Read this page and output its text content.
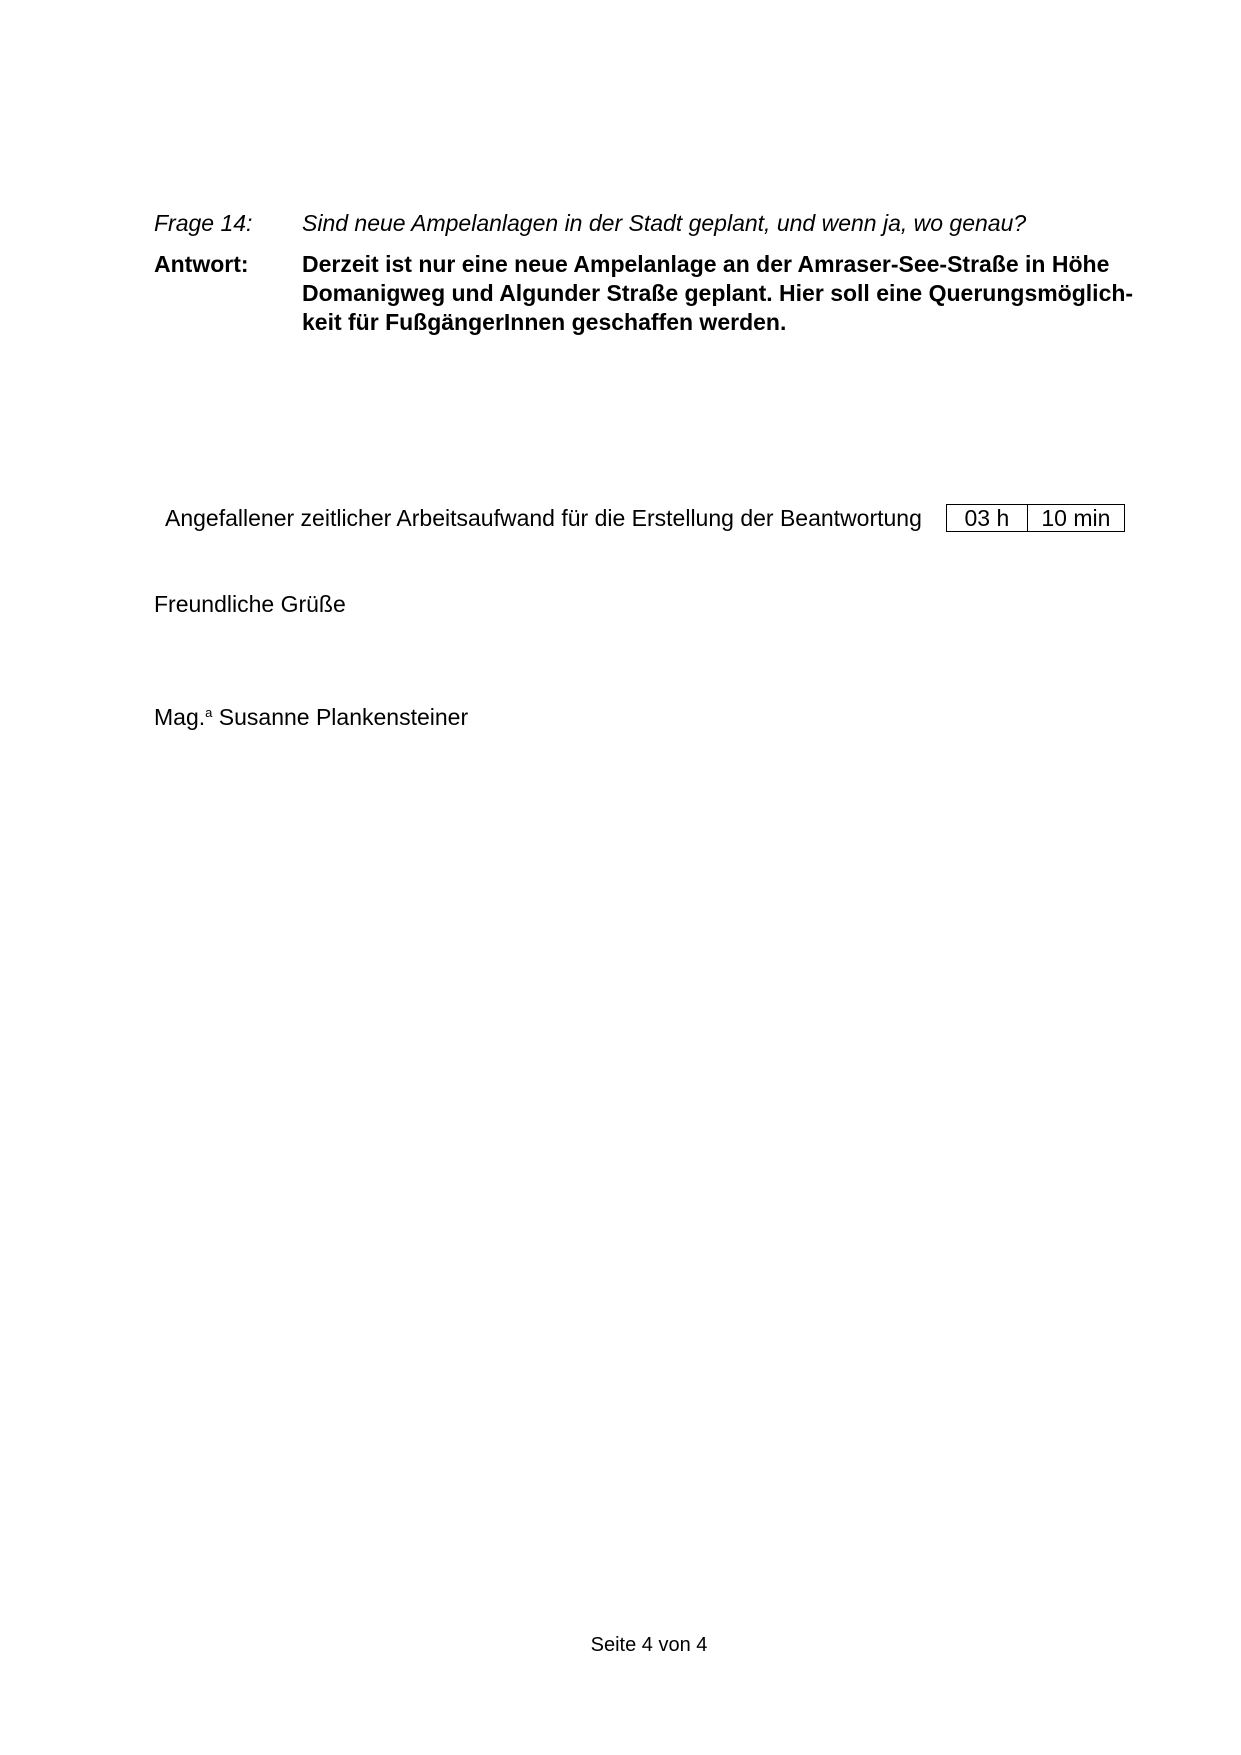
Frage 14:	Sind neue Ampelanlagen in der Stadt geplant, und wenn ja, wo genau?
Antwort:	Derzeit ist nur eine neue Ampelanlage an der Amraser-See-Straße in Höhe
Domanigweg und Algunder Straße geplant. Hier soll eine Querungsmöglich-
keit für FußgängerInnen geschaffen werden.
Angefallener zeitlicher Arbeitsaufwand für die Erstellung der Beantwortung	03 h	10 min
Freundliche Grüße
Mag.$^a$ Susanne Plankensteiner
Seite 4 von 4
